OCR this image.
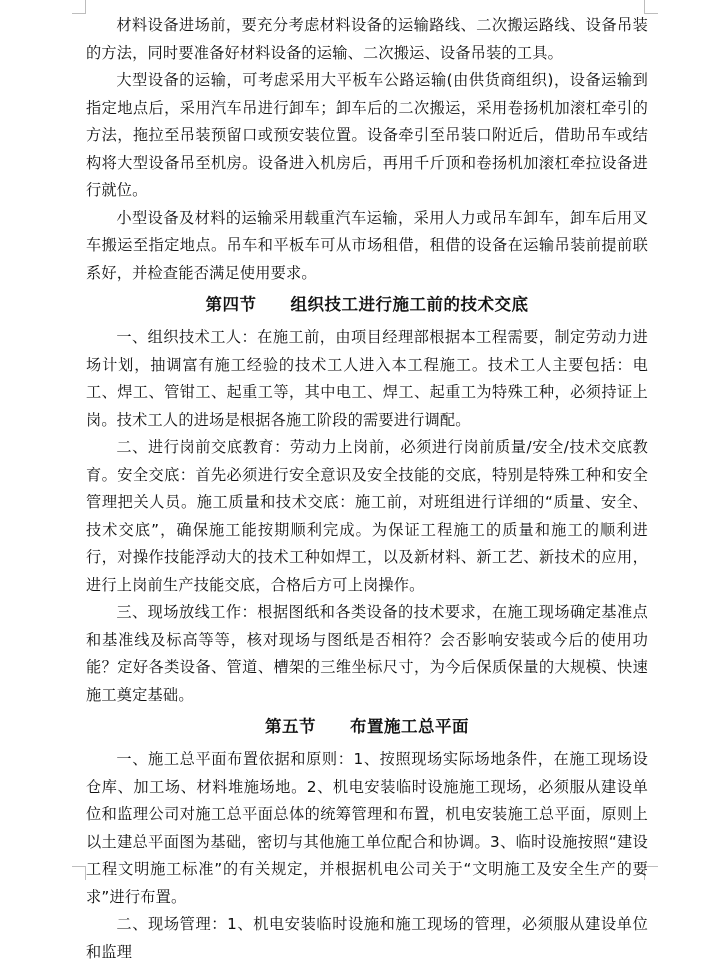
材料设备进场前，要充分考虑材料设备的运输路线、二次搬运路线、设备吊装的方法，同时要准备好材料设备的运输、二次搬运、设备吊装的工具。

大型设备的运输，可考虑采用大平板车公路运输(由供货商组织)，设备运输到指定地点后，采用汽车吊进行卸车；卸车后的二次搬运，采用卷扬机加滚杠牵引的方法，拖拉至吊装预留口或预安装位置。设备牵引至吊装口附近后，借助吊车或结构将大型设备吊至机房。设备进入机房后，再用千斤顶和卷扬机加滚杠牵拉设备进行就位。

小型设备及材料的运输采用载重汽车运输，采用人力或吊车卸车，卸车后用叉车搬运至指定地点。吊车和平板车可从市场租借，租借的设备在运输吊装前提前联系好，并检查能否满足使用要求。

第四节 组织技工进行施工前的技术交底

一、组织技术工人：在施工前，由项目经理部根据本工程需要，制定劳动力进场计划，抽调富有施工经验的技术工人进入本工程施工。技术工人主要包括：电工、焊工、管钳工、起重工等，其中电工、焊工、起重工为特殊工种，必须持证上岗。技术工人的进场是根据各施工阶段的需要进行调配。

二、进行岗前交底教育：劳动力上岗前，必须进行岗前质量/安全/技术交底教育。安全交底：首先必须进行安全意识及安全技能的交底，特别是特殊工种和安全管理把关人员。施工质量和技术交底：施工前，对班组进行详细的“质量、安全、技术交底”，确保施工能按期顺利完成。为保证工程施工的质量和施工的顺利进行，对操作技能浮动大的技术工种如焊工，以及新材料、新工艺、新技术的应用，进行上岗前生产技能交底，合格后方可上岗操作。

三、现场放线工作：根据图纸和各类设备的技术要求，在施工现场确定基准点和基准线及标高等等，核对现场与图纸是否相符？会否影响安装或今后的使用功能？定好各类设备、管道、槽架的三维坐标尺寸，为今后保质保量的大规模、快速施工奠定基础。

第五节 布置施工总平面

一、施工总平面布置依据和原则：1、按照现场实际场地条件，在施工现场设仓库、加工场、材料堆施场地。2、机电安装临时设施施工现场，必须服从建设单位和监理公司对施工总平面总体的统筹管理和布置，机电安装施工总平面，原则上以土建总平面图为基础，密切与其他施工单位配合和协调。3、临时设施按照“建设工程文明施工标准”的有关规定，并根据机电公司关于“文明施工及安全生产的要求”进行布置。

二、现场管理：1、机电安装临时设施和施工现场的管理，必须服从建设单位和监理
